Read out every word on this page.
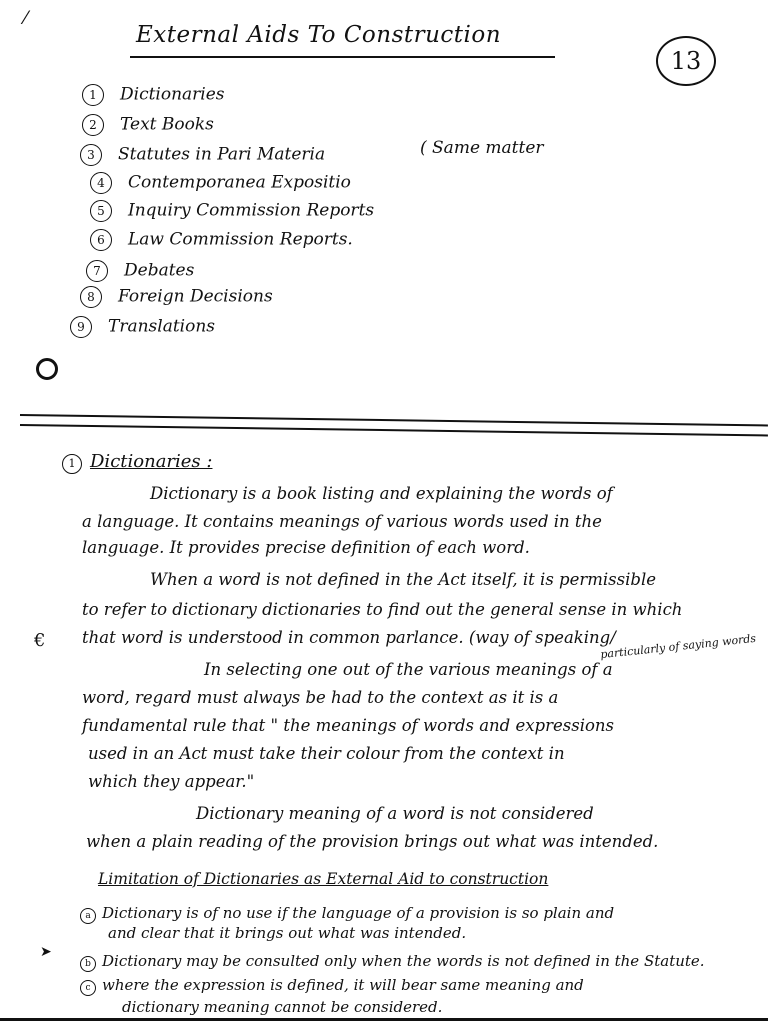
⁄
External Aids To Construction
13
1 Dictionaries
2 Text Books
3 Statutes in Pari Materia
4 Contemporanea Expositio
5 Inquiry Commission Reports
6 Law Commission Reports.
7 Debates
8 Foreign Decisions
9 Translations
( Same matter
1 Dictionaries :
Dictionary is a book listing and explaining the words of
a language. It contains meanings of various words used in the
language. It provides precise definition of each word.
When a word is not defined in the Act itself, it is permissible
to refer to dictionary dictionaries to find out the general sense in which
that word is understood in common parlance. (way of speaking/
particularly of saying words
In selecting one out of the various meanings of a
word, regard must always be had to the context as it is a
fundamental rule that " the meanings of words and expressions
used in an Act must take their colour from the context in
which they appear."
Dictionary meaning of a word is not considered
when a plain reading of the provision brings out what was intended.
€
Limitation of Dictionaries as External Aid to construction
a Dictionary is of no use if the language of a provision is so plain and
and clear that it brings out what was intended.
b Dictionary may be consulted only when the words is not defined in the Statute.
c where the expression is defined, it will bear same meaning and
dictionary meaning cannot be considered.
➤
